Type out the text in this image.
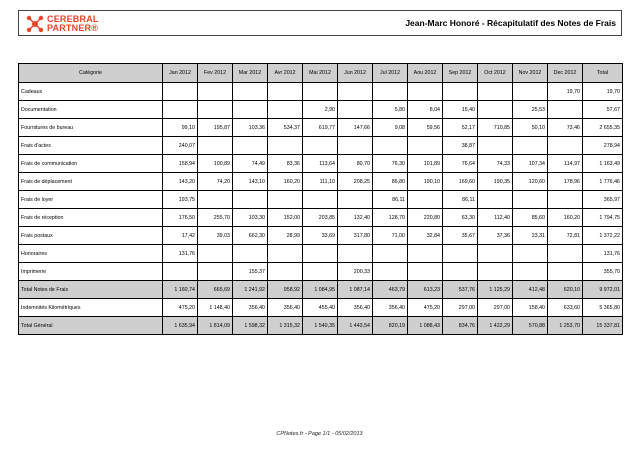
CEREBRAL
PARTNER®	Jean-Marc Honoré - Récapitulatif des Notes de Frais
Catégorie	Jan 2012	Fev 2012	Mar 2012	Avr 2012	Mai 2012	Jun 2012	Jul 2012	Aou 2012	Sep 2012	Oct 2012	Nov 2012	Dec 2012	Total
Cadeaux												19,70	19,70
Documentation					2,90		5,80	8,04	15,40		25,53		57,67
Fournitures de bureau	99,10	195,87	103,36	534,37	619,77	147,66	9,08	59,56	52,17	710,85	50,10	73,46	2 655,35
Frais d'actes	240,07								38,87				278,94
Frais de communication	158,94	100,89	74,49	83,36	113,64	80,70	76,30	101,89	76,64	74,33	107,34	114,97	1 163,49
Frais de déplacement	143,20	74,20	143,10	160,20	111,10	208,25	86,80	190,10	169,60	190,35	120,60	178,96	1 776,46
Frais de loyer	193,75						86,11		86,11				365,97
Frais de réception	176,50	255,70	103,30	152,00	203,85	132,40	128,70	220,80	63,30	112,40	85,60	160,20	1 794,75
Frais postaux	17,42	39,03	662,30	28,99	33,69	317,80	71,00	32,84	35,67	37,36	23,31	72,81	1 372,22
Honoraires	131,76												131,76
Imprimerie			155,37			200,33							355,70
Total Notes de Frais	1 160,74	665,69	1 241,92	958,92	1 084,95	1 087,14	463,79	613,23	537,76	1 125,29	412,48	620,10	9 972,01
Indemnités Kilométriques	475,20	1 148,40	356,40	356,40	455,40	356,40	356,40	475,20	297,00	297,00	158,40	633,60	5 365,80
Total Général	1 635,94	1 814,09	1 598,32	1 315,32	1 540,35	1 443,54	820,19	1 088,43	834,76	1 422,29	570,88	1 253,70	15 337,81
CPNotes.fr - Page 1/1 - 05/02/2013
